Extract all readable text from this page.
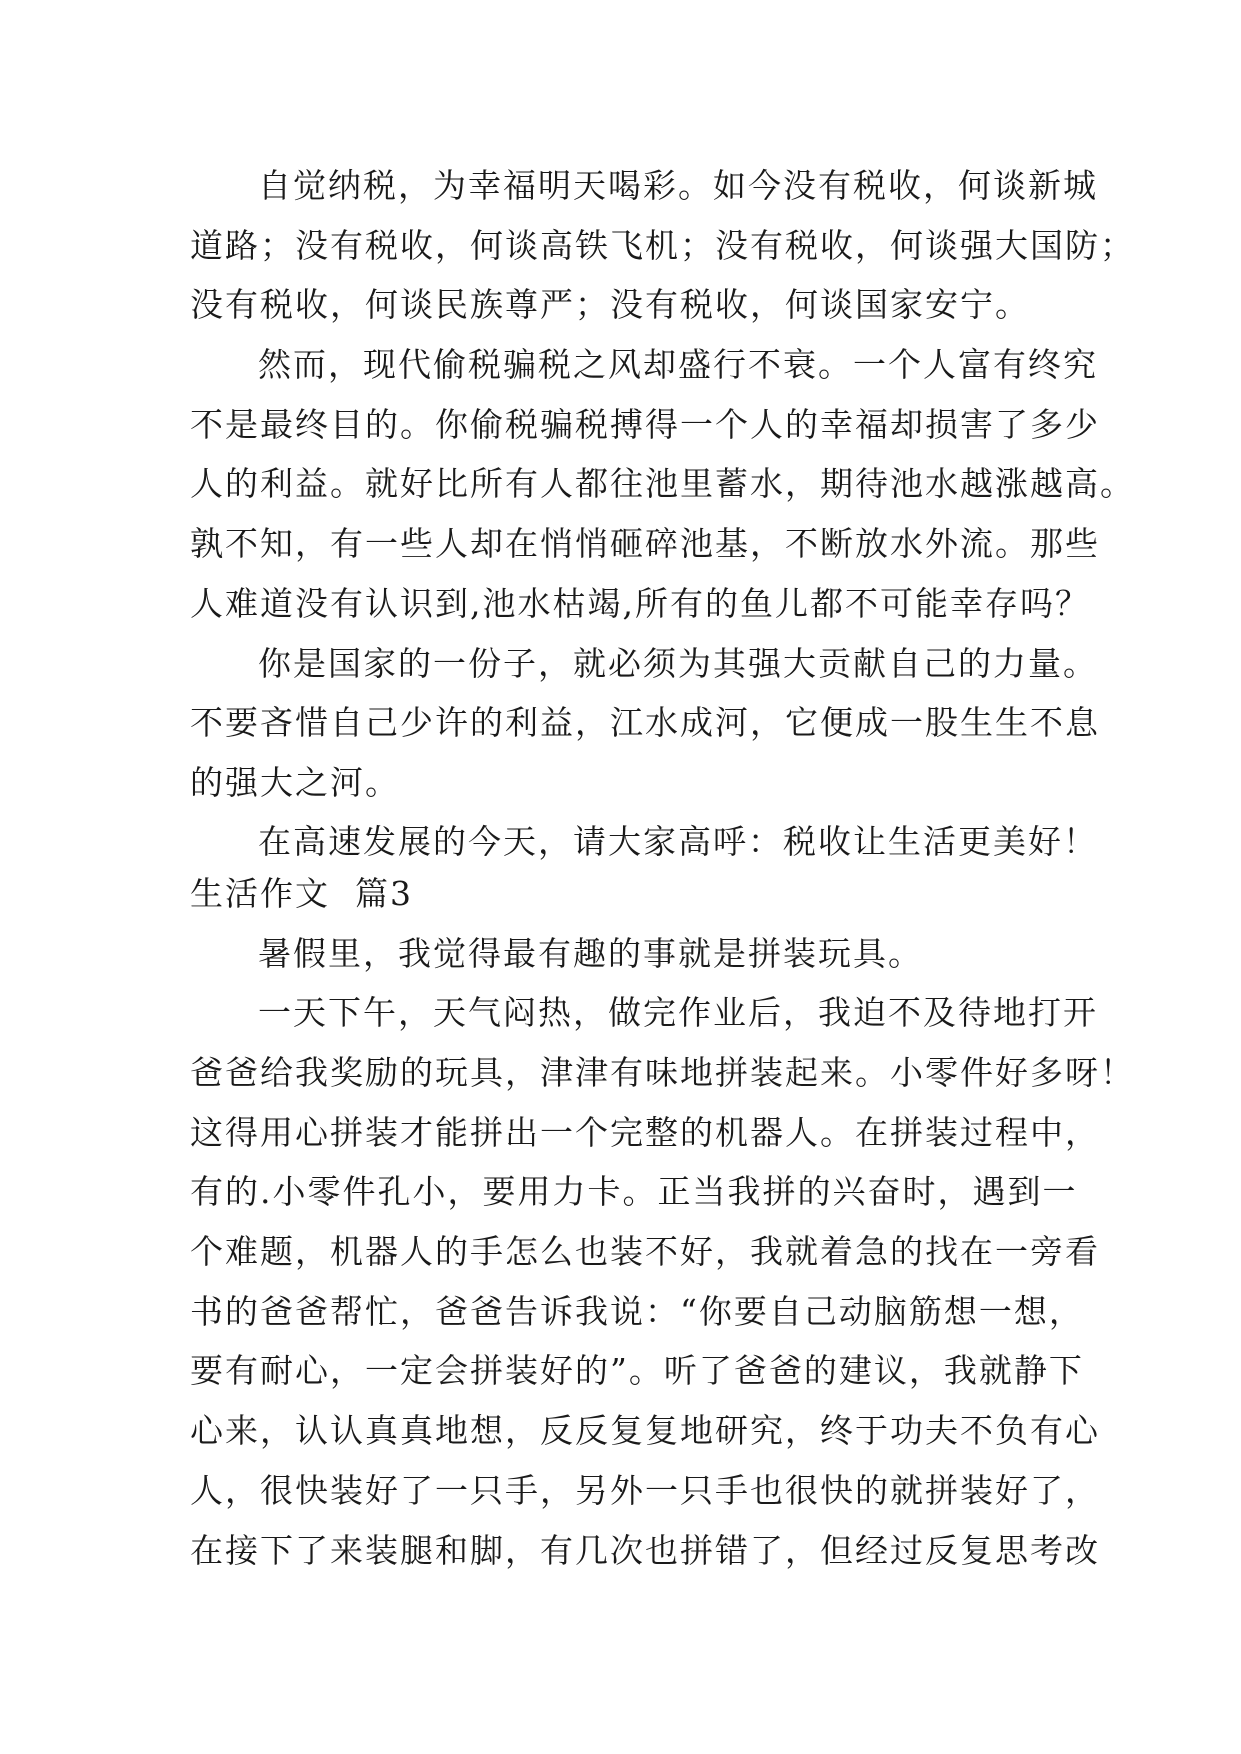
自觉纳税，为幸福明天喝彩。如今没有税收，何谈新城
道路；没有税收，何谈高铁飞机；没有税收，何谈强大国防；
没有税收，何谈民族尊严；没有税收，何谈国家安宁。
然而，现代偷税骗税之风却盛行不衰。一个人富有终究
不是最终目的。你偷税骗税搏得一个人的幸福却损害了多少
人的利益。就好比所有人都往池里蓄水，期待池水越涨越高。
孰不知，有一些人却在悄悄砸碎池基，不断放水外流。那些
人难道没有认识到,池水枯竭,所有的鱼儿都不可能幸存吗？
你是国家的一份子，就必须为其强大贡献自己的力量。
不要吝惜自己少许的利益，江水成河，它便成一股生生不息
的强大之河。
在高速发展的今天，请大家高呼：税收让生活更美好！
生活作文  篇3
暑假里，我觉得最有趣的事就是拼装玩具。
一天下午，天气闷热，做完作业后，我迫不及待地打开
爸爸给我奖励的玩具，津津有味地拼装起来。小零件好多呀！
这得用心拼装才能拼出一个完整的机器人。在拼装过程中，
有的.小零件孔小，要用力卡。正当我拼的兴奋时，遇到一
个难题，机器人的手怎么也装不好，我就着急的找在一旁看
书的爸爸帮忙，爸爸告诉我说：“你要自己动脑筋想一想，
要有耐心，一定会拼装好的”。听了爸爸的建议，我就静下
心来，认认真真地想，反反复复地研究，终于功夫不负有心
人，很快装好了一只手，另外一只手也很快的就拼装好了，
在接下了来装腿和脚，有几次也拼错了，但经过反复思考改
